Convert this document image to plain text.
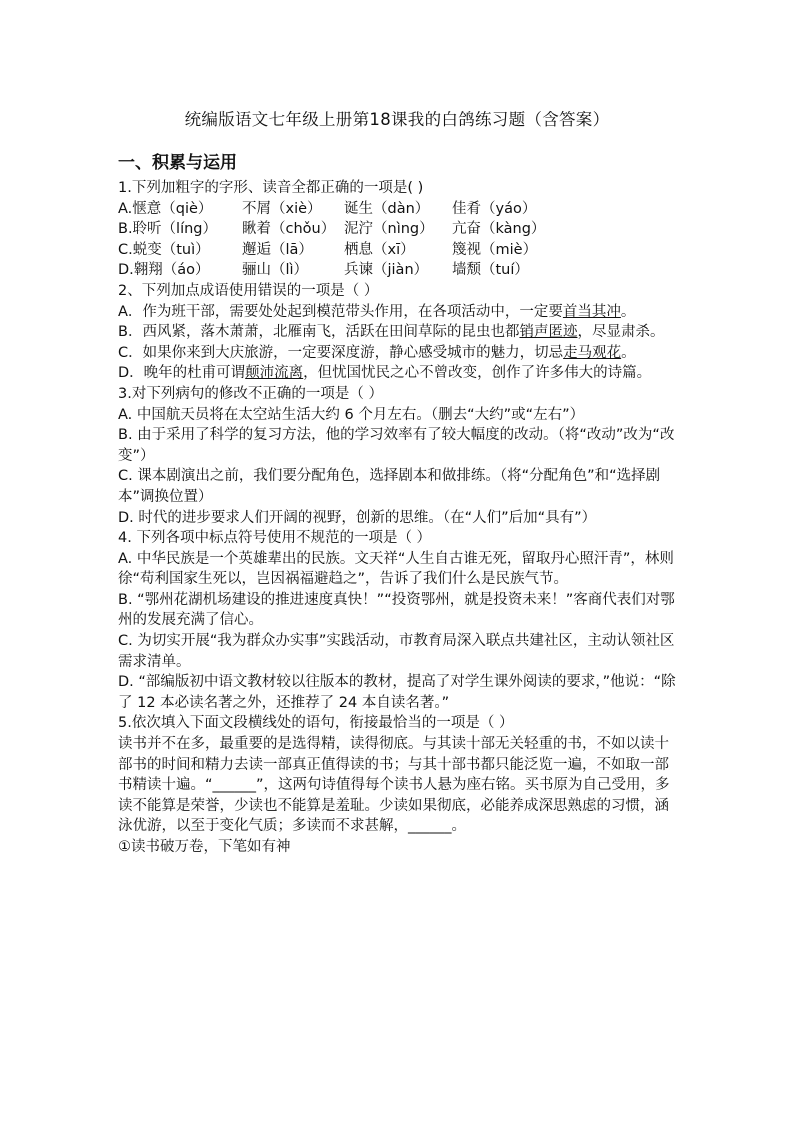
统编版语文七年级上册第18课我的白鸽练习题（含答案）
一、积累与运用
1.下列加粗字的字形、读音全都正确的一项是( )
A.惬意（qiè） 不屑（xiè） 诞生（dàn） 佳肴（yáo）
B.聆听（líng） 瞅着（chǒu） 泥泞（nìng） 亢奋（kàng）
C.蜕变（tuì） 邂逅（lā） 栖息（xī）	篾视（miè）
D.翱翔（áo） 骊山（lì） 兵谏（jiàn） 墙颓（tuí）
2、下列加点成语使用错误的一项是（ ）
A．作为班干部，需要处处起到模范带头作用，在各项活动中，一定要首当其冲。
B．西风紧，落木萧萧，北雁南飞，活跃在田间草际的昆虫也都销声匿迹，尽显肃杀。
C．如果你来到大庆旅游，一定要深度游，静心感受城市的魅力，切忌走马观花。
D．晚年的杜甫可谓颠沛流离，但忧国忧民之心不曾改变，创作了许多伟大的诗篇。
3.对下列病句的修改不正确的一项是（ ）
A. 中国航天员将在太空站生活大约 6 个月左右。（删去“大约”或“左右”）
B. 由于采用了科学的复习方法，他的学习效率有了较大幅度的改动。（将“改动”改为“改变”）
C. 课本剧演出之前，我们要分配角色，选择剧本和做排练。（将“分配角色”和“选择剧本”调换位置）
D. 时代的进步要求人们开阔的视野，创新的思维。（在“人们”后加“具有”）
4. 下列各项中标点符号使用不规范的一项是（ ）
A. 中华民族是一个英雄辈出的民族。文天祥“人生自古谁无死，留取丹心照汗青”，林则徐“苟利国家生死以，岂因祸福避趋之”，告诉了我们什么是民族气节。
B. “鄂州花湖机场建设的推进速度真快！”“投资鄂州，就是投资未来！”客商代表们对鄂州的发展充满了信心。
C. 为切实开展“我为群众办实事”实践活动，市教育局深入联点共建社区，主动认领社区需求清单。
D. “部编版初中语文教材较以往版本的教材，提高了对学生课外阅读的要求，”他说：“除了 12 本必读名著之外，还推荐了 24 本自读名著。”
5.依次填入下面文段横线处的语句，衔接最恰当的一项是（ ）
读书并不在多，最重要的是选得精，读得彻底。与其读十部无关轻重的书，不如以读十部书的时间和精力去读一部真正值得读的书；与其十部书都只能泛览一遍，不如取一部书精读十遍。“______”，这两句诗值得每个读书人悬为座右铭。买书原为自己受用，多读不能算是荣誉，少读也不能算是羞耻。少读如果彻底，必能养成深思熟虑的习惯，涵泳优游，以至于变化气质；多读而不求甚解，______。
①读书破万卷，下笔如有神
